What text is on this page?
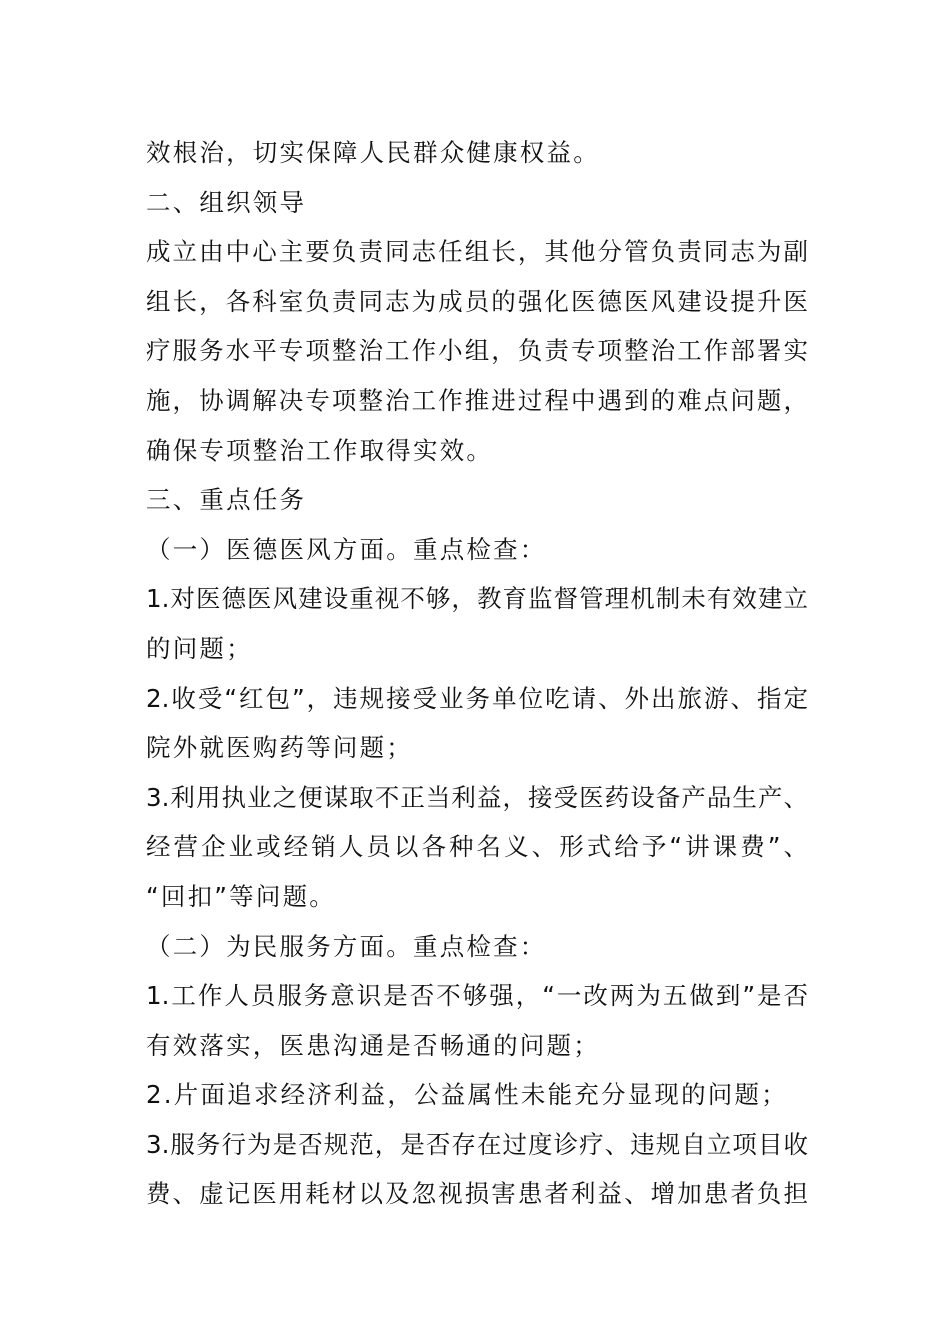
效根治，切实保障人民群众健康权益。
二、组织领导
成立由中心主要负责同志任组长，其他分管负责同志为副
组长，各科室负责同志为成员的强化医德医风建设提升医
疗服务水平专项整治工作小组，负责专项整治工作部署实
施，协调解决专项整治工作推进过程中遇到的难点问题，
确保专项整治工作取得实效。
三、重点任务
（一）医德医风方面。重点检查：
1.对医德医风建设重视不够，教育监督管理机制未有效建立
的问题；
2.收受“红包”，违规接受业务单位吃请、外出旅游、指定
院外就医购药等问题；
3.利用执业之便谋取不正当利益，接受医药设备产品生产、
经营企业或经销人员以各种名义、形式给予“讲课费”、
“回扣”等问题。
（二）为民服务方面。重点检查：
1.工作人员服务意识是否不够强，“一改两为五做到”是否
有效落实，医患沟通是否畅通的问题；
2.片面追求经济利益，公益属性未能充分显现的问题；
3.服务行为是否规范，是否存在过度诊疗、违规自立项目收
费、虚记医用耗材以及忽视损害患者利益、增加患者负担
